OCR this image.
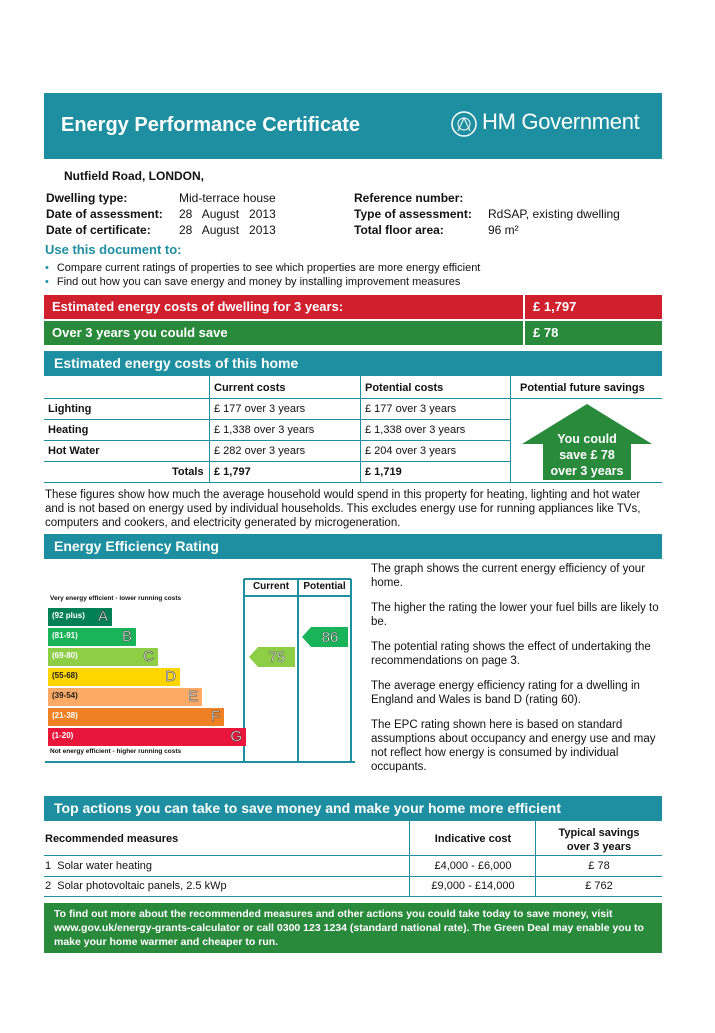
Energy Performance Certificate	HM Government
Nutfield Road, LONDON,
Dwelling type:	Mid-terrace house
Date of assessment: 28   August   2013
Date of certificate: 28   August   2013
Reference number:
Type of assessment: RdSAP, existing dwelling
Total floor area:	96 m²
Use this document to:
• Compare current ratings of properties to see which properties are more energy efficient
• Find out how you can save energy and money by installing improvement measures
Estimated energy costs of dwelling for 3 years:	£ 1,797
Over 3 years you could save	£ 78
Estimated energy costs of this home
Current costs	Potential costs	Potential future savings
Lighting	£ 177 over 3 years	£ 177 over 3 years
Heating	£ 1,338 over 3 years	£ 1,338 over 3 years
Hot Water	£ 282 over 3 years	£ 204 over 3 years
Totals £ 1,797	£ 1,719
You could
save £ 78
over 3 years
These figures show how much the average household would spend in this property for heating, lighting and hot water and is not based on energy used by individual households. This excludes energy use for running appliances like TVs, computers and cookers, and electricity generated by microgeneration.
Energy Efficiency Rating
Current	Potential
Very energy efficient - lower running costs
Not energy efficient - higher running costs
(92 plus) A
(81-91)	B
(69-80)	C
(55-68)	D
(39-54)	E
(21-38)	F
(1-20)	G
75
86
The graph shows the current energy efficiency of your home.
The higher the rating the lower your fuel bills are likely to be.
The potential rating shows the effect of undertaking the recommendations on page 3.
The average energy efficiency rating for a dwelling in England and Wales is band D (rating 60).
The EPC rating shown here is based on standard assumptions about occupancy and energy use and may not reflect how energy is consumed by individual occupants.
Top actions you can take to save money and make your home more efficient
Recommended measures	Indicative cost	Typical savings
over 3 years
1  Solar water heating	£4,000 - £6,000	£ 78
2  Solar photovoltaic panels, 2.5 kWp	£9,000 - £14,000	£ 762
To find out more about the recommended measures and other actions you could take today to save money, visit
www.gov.uk/energy-grants-calculator or call 0300 123 1234 (standard national rate). The Green Deal may enable you to
make your home warmer and cheaper to run.
